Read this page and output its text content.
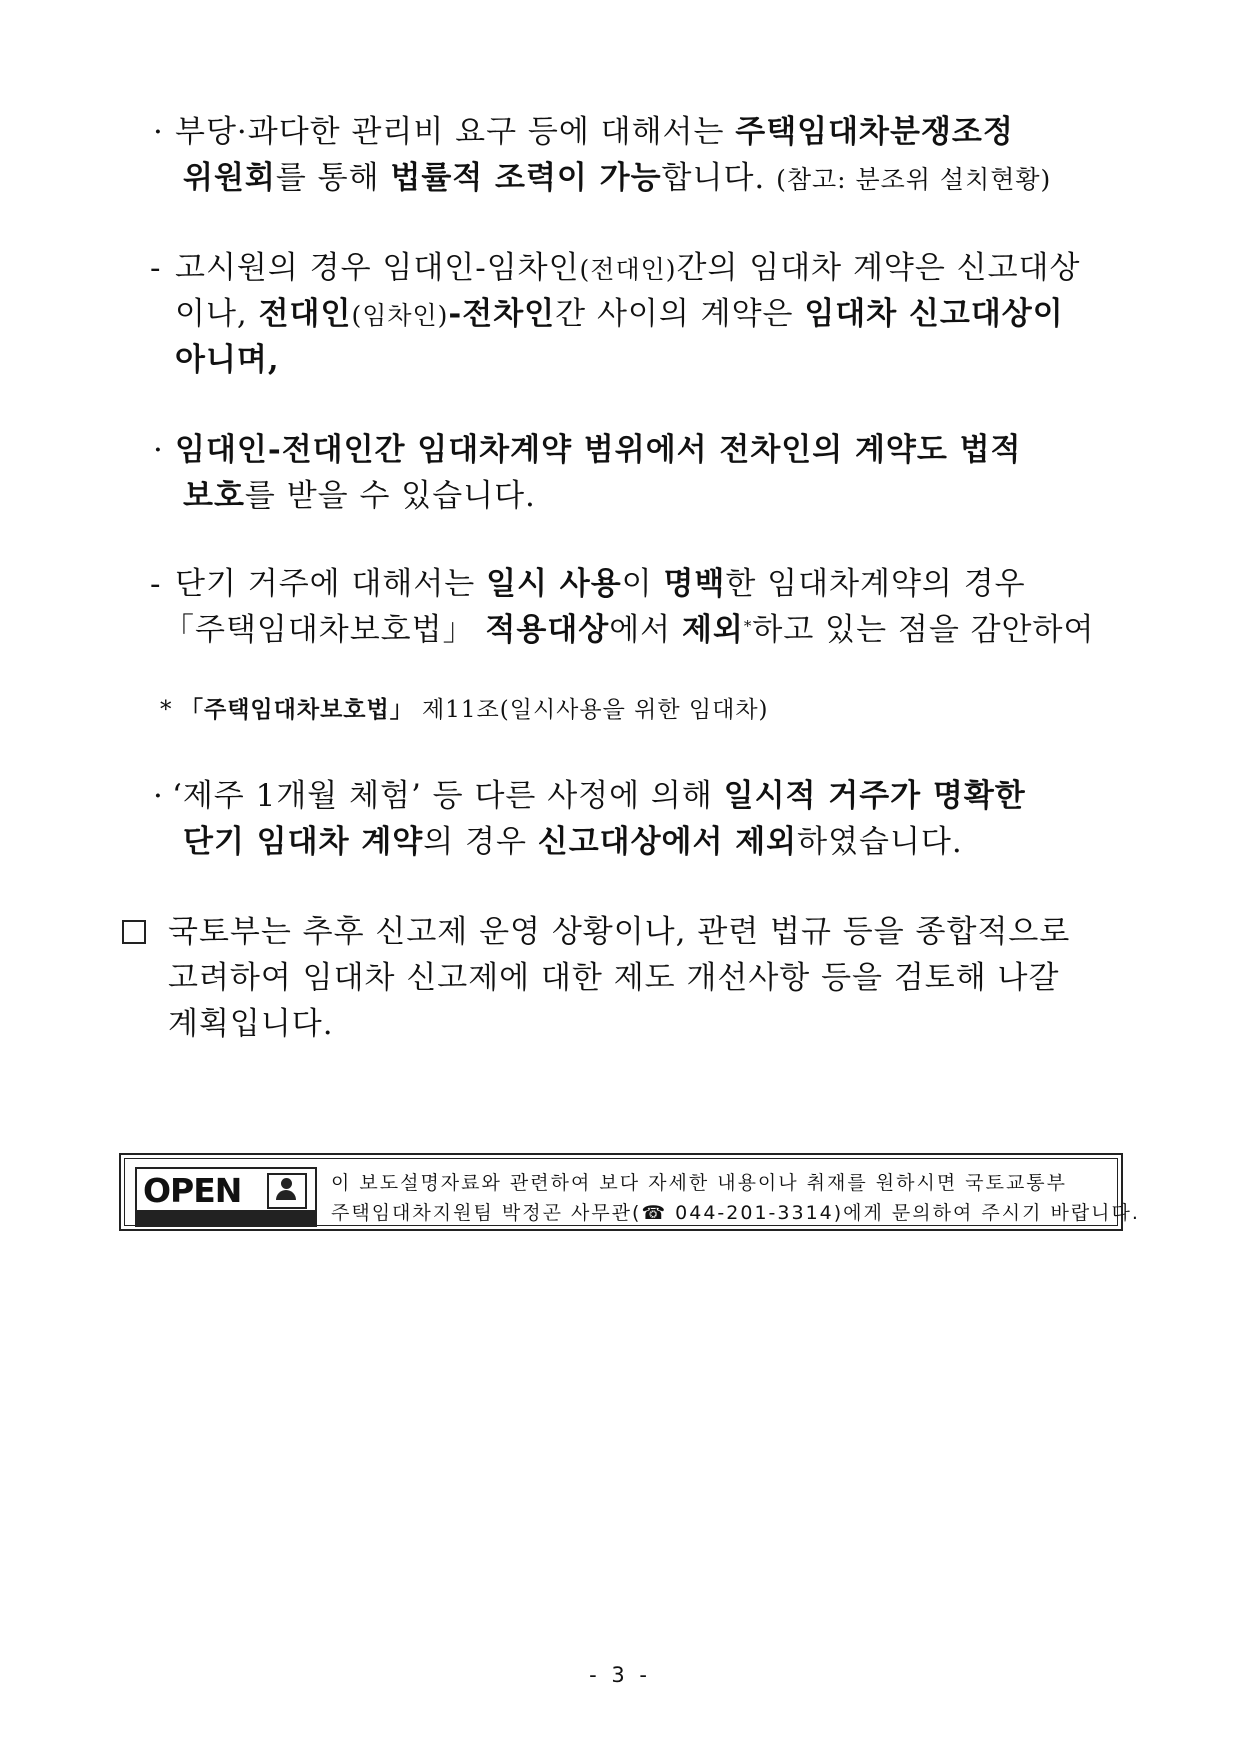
· 부당·과다한 관리비 요구 등에 대해서는 주택임대차분쟁조정
위원회를 통해 법률적 조력이 가능합니다. (참고: 분조위 설치현황)
- 고시원의 경우 임대인-임차인(전대인)간의 임대차 계약은 신고대상
이나, 전대인(임차인)-전차인간 사이의 계약은 임대차 신고대상이
아니며,
· 임대인-전대인간 임대차계약 범위에서 전차인의 계약도 법적
보호를 받을 수 있습니다.
- 단기 거주에 대해서는 일시 사용이 명백한 임대차계약의 경우
「주택임대차보호법」 적용대상에서 제외*하고 있는 점을 감안하여
* 「주택임대차보호법」 제11조(일시사용을 위한 임대차)
· ‘제주 1개월 체험’ 등 다른 사정에 의해 일시적 거주가 명확한
단기 임대차 계약의 경우 신고대상에서 제외하였습니다.
국토부는 추후 신고제 운영 상황이나, 관련 법규 등을 종합적으로
고려하여 임대차 신고제에 대한 제도 개선사항 등을 검토해 나갈
계획입니다.
OPEN	이 보도설명자료와 관련하여 보다 자세한 내용이나 취재를 원하시면 국토교통부
주택임대차지원팀 박정곤 사무관(☎ 044-201-3314)에게 문의하여 주시기 바랍니다.
- 3 -
